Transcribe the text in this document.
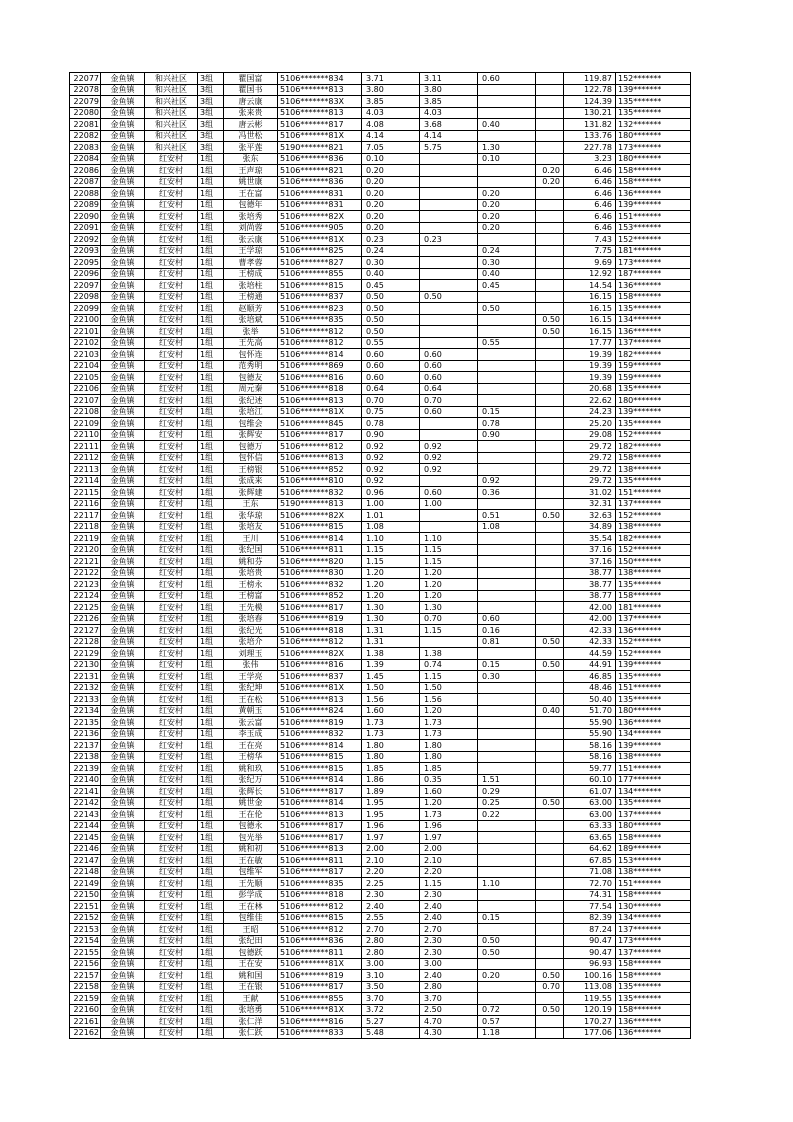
22077	金鱼镇	和兴社区	3组	瞿国富	5106*******834	3.71	3.11	0.60		119.87	152*******
22078	金鱼镇	和兴社区	3组	瞿国书	5106*******813	3.80	3.80			122.78	139*******
22079	金鱼镇	和兴社区	3组	唐云康	5106*******83X	3.85	3.85			124.39	135*******
22080	金鱼镇	和兴社区	3组	张来贵	5106*******813	4.03	4.03			130.21	135*******
22081	金鱼镇	和兴社区	3组	唐云彬	5106*******817	4.08	3.68	0.40		131.82	132*******
22082	金鱼镇	和兴社区	3组	冯世松	5106*******81X	4.14	4.14			133.76	180*******
22083	金鱼镇	和兴社区	3组	张平莲	5190*******821	7.05	5.75	1.30		227.78	173*******
22084	金鱼镇	红安村	1组	张东	5106*******836	0.10		0.10		3.23	180*******
22086	金鱼镇	红安村	1组	王声琼	5106*******821	0.20			0.20	6.46	158*******
22087	金鱼镇	红安村	1组	姚世康	5106*******836	0.20			0.20	6.46	158*******
22088	金鱼镇	红安村	1组	王在富	5106*******831	0.20		0.20		6.46	136*******
22089	金鱼镇	红安村	1组	包德年	5106*******831	0.20		0.20		6.46	139*******
22090	金鱼镇	红安村	1组	张培秀	5106*******82X	0.20		0.20		6.46	151*******
22091	金鱼镇	红安村	1组	刘尚蓉	5106*******905	0.20		0.20		6.46	153*******
22092	金鱼镇	红安村	1组	张云康	5106*******81X	0.23	0.23			7.43	152*******
22093	金鱼镇	红安村	1组	王学琼	5106*******825	0.24		0.24		7.75	181*******
22095	金鱼镇	红安村	1组	曹孝蓉	5106*******827	0.30		0.30		9.69	173*******
22096	金鱼镇	红安村	1组	王榜成	5106*******855	0.40		0.40		12.92	187*******
22097	金鱼镇	红安村	1组	张培柱	5106*******815	0.45		0.45		14.54	136*******
22098	金鱼镇	红安村	1组	王榜通	5106*******837	0.50	0.50			16.15	158*******
22099	金鱼镇	红安村	1组	赵顺芳	5106*******823	0.50		0.50		16.15	135*******
22100	金鱼镇	红安村	1组	张培斌	5106*******835	0.50			0.50	16.15	134*******
22101	金鱼镇	红安村	1组	张举	5106*******812	0.50			0.50	16.15	136*******
22102	金鱼镇	红安村	1组	王先高	5106*******812	0.55		0.55		17.77	137*******
22103	金鱼镇	红安村	1组	包怀连	5106*******814	0.60	0.60			19.39	182*******
22104	金鱼镇	红安村	1组	范秀明	5106*******869	0.60	0.60			19.39	159*******
22105	金鱼镇	红安村	1组	包德友	5106*******816	0.60	0.60			19.39	159*******
22106	金鱼镇	红安村	1组	周元秦	5106*******818	0.64	0.64			20.68	135*******
22107	金鱼镇	红安村	1组	张纪述	5106*******813	0.70	0.70			22.62	180*******
22108	金鱼镇	红安村	1组	张培江	5106*******81X	0.75	0.60	0.15		24.23	139*******
22109	金鱼镇	红安村	1组	包维会	5106*******845	0.78		0.78		25.20	135*******
22110	金鱼镇	红安村	1组	张辉安	5106*******817	0.90		0.90		29.08	152*******
22111	金鱼镇	红安村	1组	包德万	5106*******812	0.92	0.92			29.72	182*******
22112	金鱼镇	红安村	1组	包怀信	5106*******813	0.92	0.92			29.72	158*******
22113	金鱼镇	红安村	1组	王榜银	5106*******852	0.92	0.92			29.72	138*******
22114	金鱼镇	红安村	1组	张成来	5106*******810	0.92		0.92		29.72	135*******
22115	金鱼镇	红安村	1组	张辉建	5106*******832	0.96	0.60	0.36		31.02	151*******
22116	金鱼镇	红安村	1组	王东	5190*******813	1.00	1.00			32.31	137*******
22117	金鱼镇	红安村	1组	张华琼	5106*******82X	1.01		0.51	0.50	32.63	152*******
22118	金鱼镇	红安村	1组	张培友	5106*******815	1.08		1.08		34.89	138*******
22119	金鱼镇	红安村	1组	王川	5106*******814	1.10	1.10			35.54	182*******
22120	金鱼镇	红安村	1组	张纪国	5106*******811	1.15	1.15			37.16	152*******
22121	金鱼镇	红安村	1组	姚和芬	5106*******820	1.15	1.15			37.16	150*******
22122	金鱼镇	红安村	1组	张培贵	5106*******830	1.20	1.20			38.77	138*******
22123	金鱼镇	红安村	1组	王榜永	5106*******832	1.20	1.20			38.77	135*******
22124	金鱼镇	红安村	1组	王榜富	5106*******852	1.20	1.20			38.77	158*******
22125	金鱼镇	红安村	1组	王先模	5106*******817	1.30	1.30			42.00	181*******
22126	金鱼镇	红安村	1组	张培春	5106*******819	1.30	0.70	0.60		42.00	137*******
22127	金鱼镇	红安村	1组	张纪光	5106*******818	1.31	1.15	0.16		42.33	136*******
22128	金鱼镇	红安村	1组	张培介	5106*******812	1.31		0.81	0.50	42.33	152*******
22129	金鱼镇	红安村	1组	刘理玉	5106*******82X	1.38	1.38			44.59	152*******
22130	金鱼镇	红安村	1组	张伟	5106*******816	1.39	0.74	0.15	0.50	44.91	139*******
22131	金鱼镇	红安村	1组	王学亮	5106*******837	1.45	1.15	0.30		46.85	135*******
22132	金鱼镇	红安村	1组	张纪坤	5106*******81X	1.50	1.50			48.46	151*******
22133	金鱼镇	红安村	1组	王在松	5106*******813	1.56	1.56			50.40	135*******
22134	金鱼镇	红安村	1组	黄朝玉	5106*******824	1.60	1.20		0.40	51.70	180*******
22135	金鱼镇	红安村	1组	张云富	5106*******819	1.73	1.73			55.90	136*******
22136	金鱼镇	红安村	1组	李玉成	5106*******832	1.73	1.73			55.90	134*******
22137	金鱼镇	红安村	1组	王在亮	5106*******814	1.80	1.80			58.16	139*******
22138	金鱼镇	红安村	1组	王榜华	5106*******815	1.80	1.80			58.16	138*******
22139	金鱼镇	红安村	1组	姚和玖	5106*******815	1.85	1.85			59.77	151*******
22140	金鱼镇	红安村	1组	张纪万	5106*******814	1.86	0.35	1.51		60.10	177*******
22141	金鱼镇	红安村	1组	张辉长	5106*******817	1.89	1.60	0.29		61.07	134*******
22142	金鱼镇	红安村	1组	姚世金	5106*******814	1.95	1.20	0.25	0.50	63.00	135*******
22143	金鱼镇	红安村	1组	王在伦	5106*******813	1.95	1.73	0.22		63.00	137*******
22144	金鱼镇	红安村	1组	包德永	5106*******817	1.96	1.96			63.33	180*******
22145	金鱼镇	红安村	1组	包光举	5106*******817	1.97	1.97			63.65	158*******
22146	金鱼镇	红安村	1组	姚和初	5106*******813	2.00	2.00			64.62	189*******
22147	金鱼镇	红安村	1组	王在敏	5106*******811	2.10	2.10			67.85	153*******
22148	金鱼镇	红安村	1组	包维军	5106*******817	2.20	2.20			71.08	138*******
22149	金鱼镇	红安村	1组	王先顺	5106*******835	2.25	1.15	1.10		72.70	151*******
22150	金鱼镇	红安村	1组	彭学成	5106*******818	2.30	2.30			74.31	158*******
22151	金鱼镇	红安村	1组	王在林	5106*******812	2.40	2.40			77.54	130*******
22152	金鱼镇	红安村	1组	包维佳	5106*******815	2.55	2.40	0.15		82.39	134*******
22153	金鱼镇	红安村	1组	王昭	5106*******812	2.70	2.70			87.24	137*******
22154	金鱼镇	红安村	1组	张纪田	5106*******836	2.80	2.30	0.50		90.47	173*******
22155	金鱼镇	红安村	1组	包德跃	5106*******811	2.80	2.30	0.50		90.47	137*******
22156	金鱼镇	红安村	1组	王在安	5106*******81X	3.00	3.00			96.93	158*******
22157	金鱼镇	红安村	1组	姚和国	5106*******819	3.10	2.40	0.20	0.50	100.16	158*******
22158	金鱼镇	红安村	1组	王在银	5106*******817	3.50	2.80		0.70	113.08	135*******
22159	金鱼镇	红安村	1组	王献	5106*******855	3.70	3.70			119.55	135*******
22160	金鱼镇	红安村	1组	张培勇	5106*******81X	3.72	2.50	0.72	0.50	120.19	158*******
22161	金鱼镇	红安村	1组	张仁洋	5106*******816	5.27	4.70	0.57		170.27	136*******
22162	金鱼镇	红安村	1组	张仁跃	5106*******833	5.48	4.30	1.18		177.06	136*******
